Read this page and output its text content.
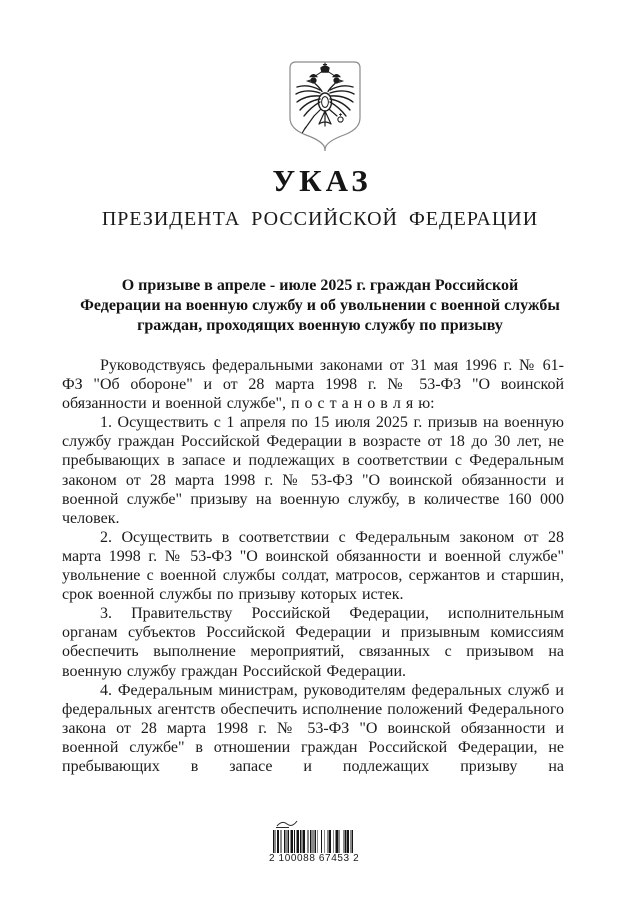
УКАЗ
ПРЕЗИДЕНТА РОССИЙСКОЙ ФЕДЕРАЦИИ
О призыве в апреле - июле 2025 г. граждан Российской Федерации на военную службу и об увольнении с военной службы граждан, проходящих военную службу по призыву

Руководствуясь федеральными законами от 31 мая 1996 г. № 61-ФЗ "Об обороне" и от 28 марта 1998 г. № 53-ФЗ "О воинской обязанности и военной службе", п о с т а н о в л я ю:

1. Осуществить с 1 апреля по 15 июля 2025 г. призыв на военную службу граждан Российской Федерации в возрасте от 18 до 30 лет, не пребывающих в запасе и подлежащих в соответствии с Федеральным законом от 28 марта 1998 г. № 53-ФЗ "О воинской обязанности и военной службе" призыву на военную службу, в количестве 160 000 человек.

2. Осуществить в соответствии с Федеральным законом от 28 марта 1998 г. № 53-ФЗ "О воинской обязанности и военной службе" увольнение с военной службы солдат, матросов, сержантов и старшин, срок военной службы по призыву которых истек.

3. Правительству Российской Федерации, исполнительным органам субъектов Российской Федерации и призывным комиссиям обеспечить выполнение мероприятий, связанных с призывом на военную службу граждан Российской Федерации.

4. Федеральным министрам, руководителям федеральных служб и федеральных агентств обеспечить исполнение положений Федерального закона от 28 марта 1998 г. № 53-ФЗ "О воинской обязанности и военной службе" в отношении граждан Российской Федерации, не пребывающих в запасе и подлежащих призыву на

2 100088 67453 2
